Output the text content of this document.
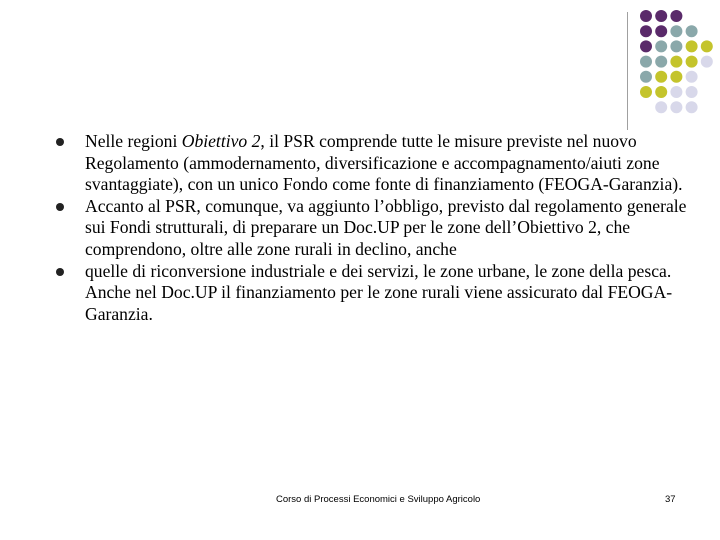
Nelle regioni Obiettivo 2, il PSR comprende tutte le misure previste nel nuovo Regolamento (ammodernamento, diversificazione e accompagnamento/aiuti zone svantaggiate), con un unico Fondo come fonte di finanziamento (FEOGA-Garanzia).
Accanto al PSR, comunque, va aggiunto l’obbligo, previsto dal regolamento generale sui Fondi strutturali, di preparare un Doc.UP per le zone dell’Obiettivo 2, che comprendono, oltre alle zone rurali in declino, anche
quelle di riconversione industriale e dei servizi, le zone urbane, le zone della pesca. Anche nel Doc.UP il finanziamento per le zone rurali viene assicurato dal FEOGA-Garanzia.
Corso di Processi Economici e Sviluppo Agricolo	37
